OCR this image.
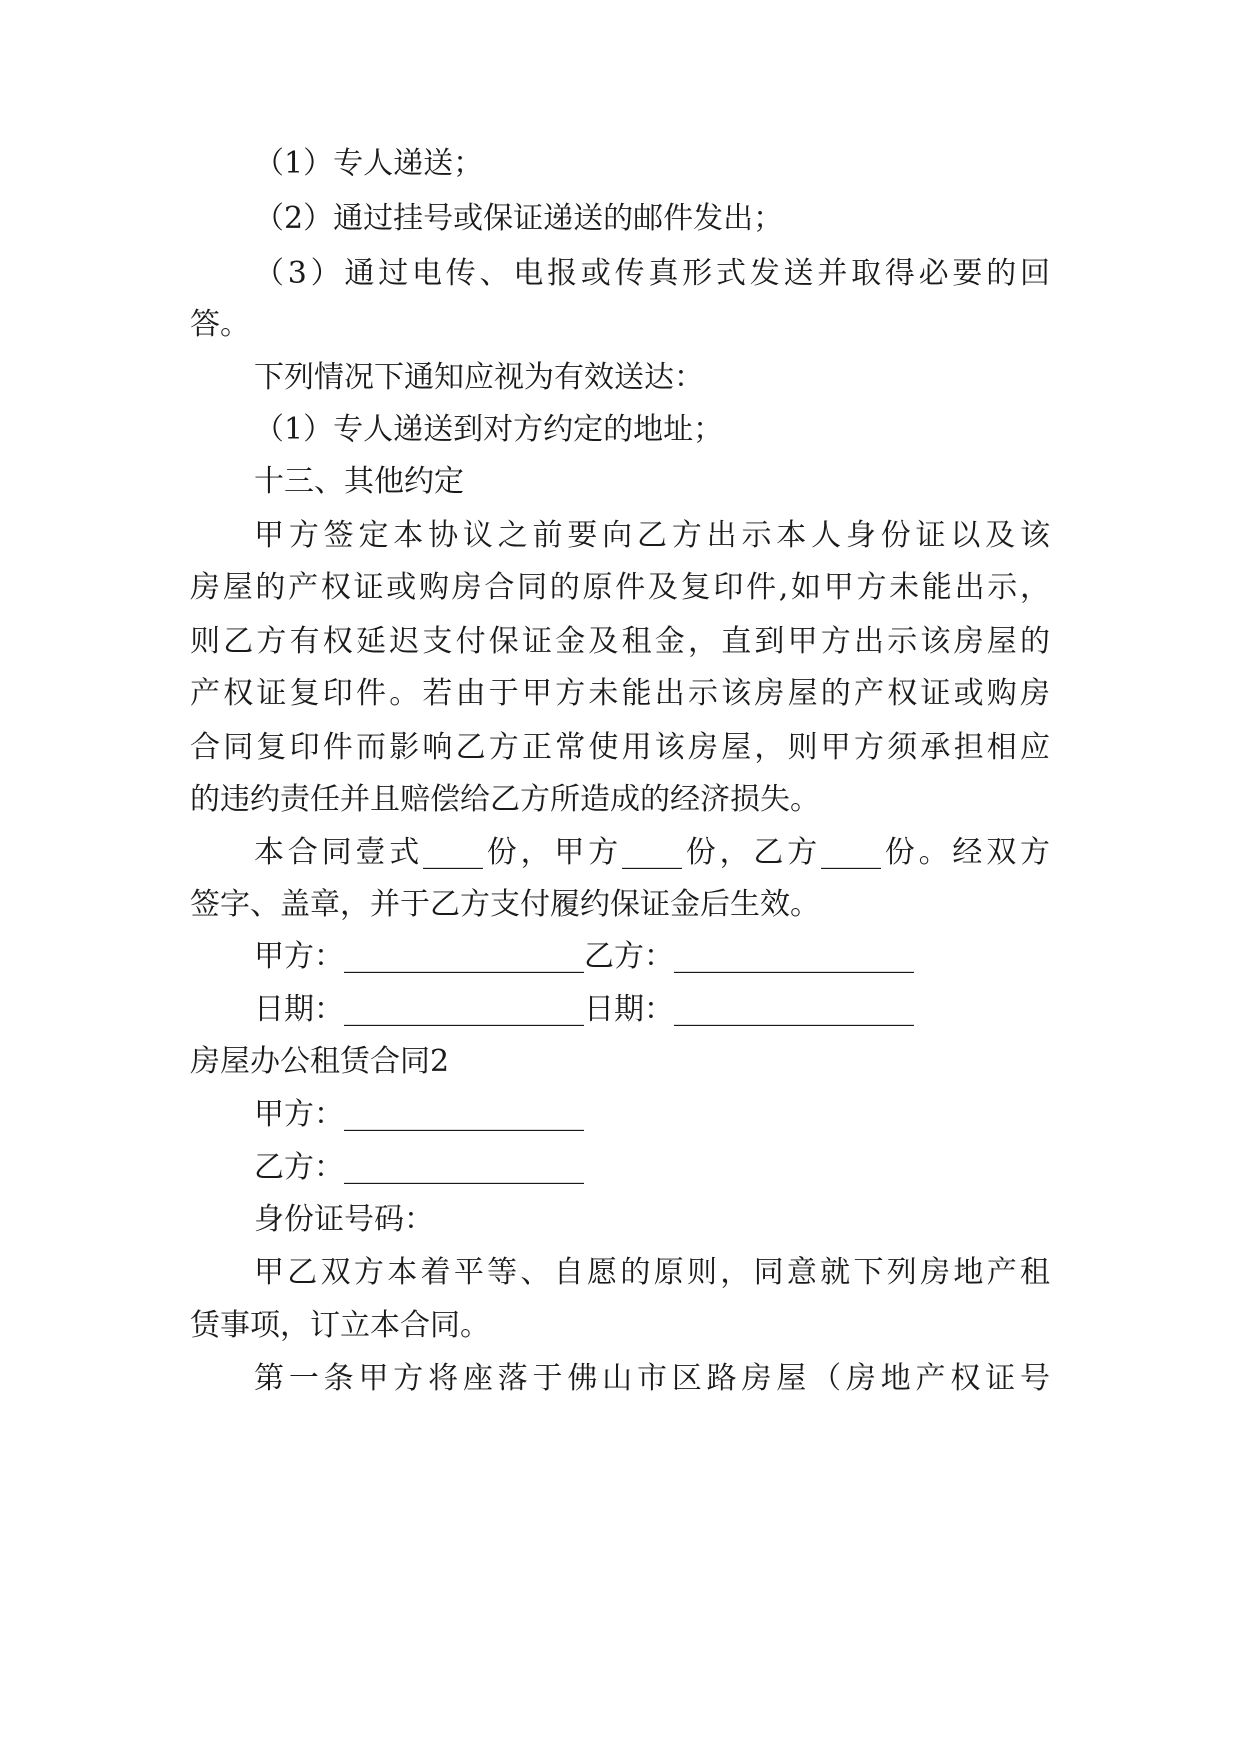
（1）专人递送；
（2）通过挂号或保证递送的邮件发出；
（3）通过电传、电报或传真形式发送并取得必要的回
答。
下列情况下通知应视为有效送达：
（1）专人递送到对方约定的地址；
十三、其他约定
甲方签定本协议之前要向乙方出示本人身份证以及该
房屋的产权证或购房合同的原件及复印件,如甲方未能出示，
则乙方有权延迟支付保证金及租金，直到甲方出示该房屋的
产权证复印件。若由于甲方未能出示该房屋的产权证或购房
合同复印件而影响乙方正常使用该房屋，则甲方须承担相应
的违约责任并且赔偿给乙方所造成的经济损失。
本合同壹式____份，甲方____份，乙方____份。经双方
签字、盖章，并于乙方支付履约保证金后生效。
甲方：________________乙方：________________
日期：________________日期：________________
房屋办公租赁合同2
甲方：________________
乙方：________________
身份证号码：
甲乙双方本着平等、自愿的原则，同意就下列房地产租
赁事项，订立本合同。
第一条甲方将座落于佛山市区路房屋（房地产权证号
